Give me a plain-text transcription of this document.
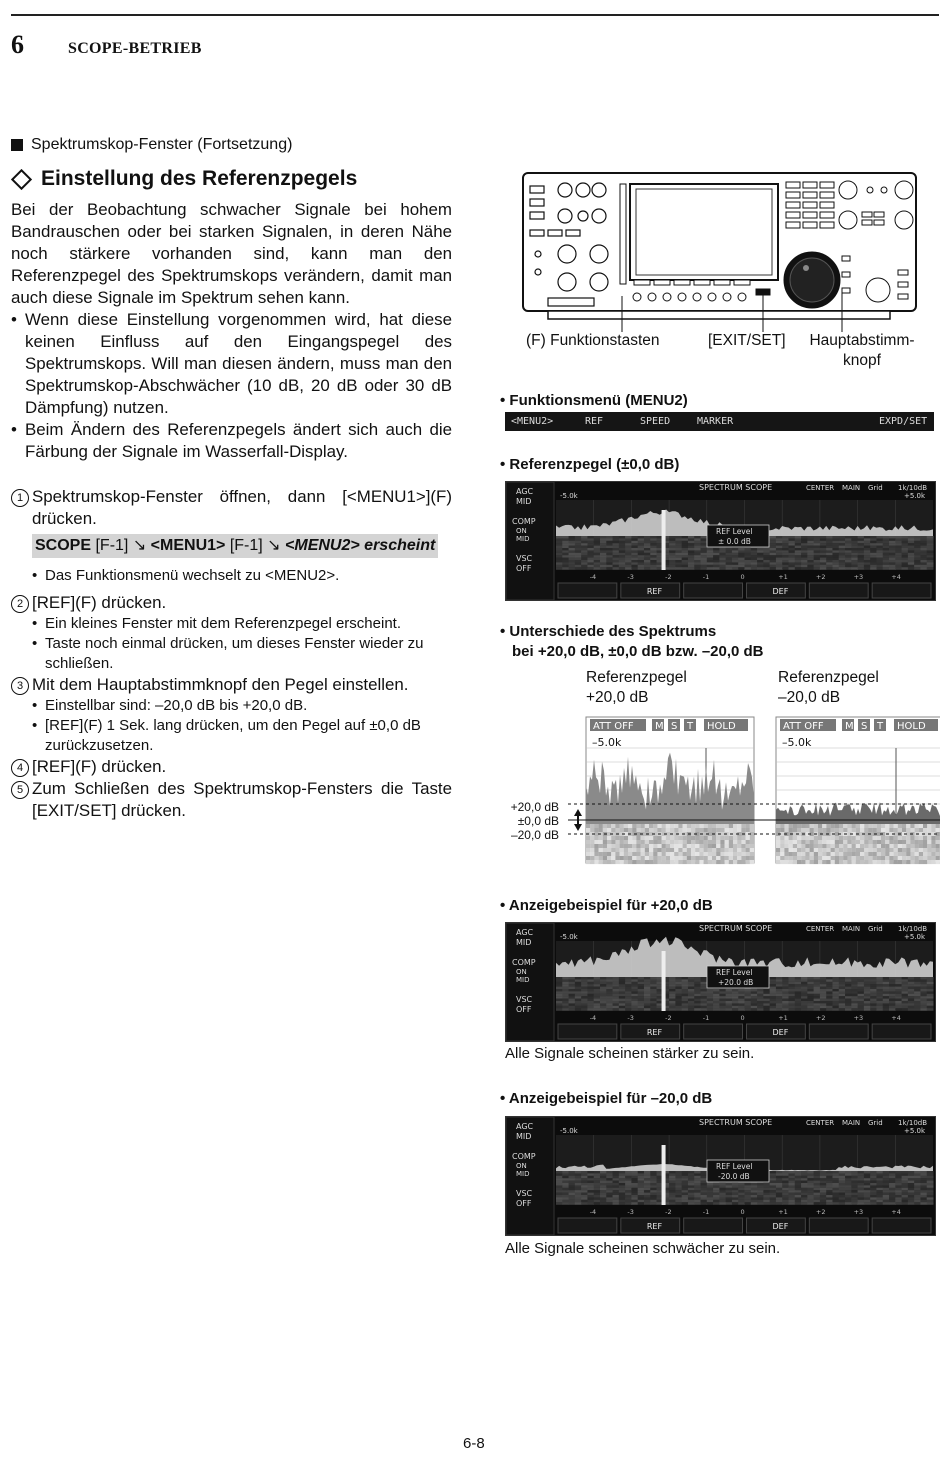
6	SCOPE-BETRIEB
Spektrumskop-Fenster (Fortsetzung)
Einstellung des Referenzpegels
Bei der Beobachtung schwacher Signale bei hohem Bandrauschen oder bei starken Signalen, in deren Nähe noch stärkere vorhanden sind, kann man den Referenzpegel des Spektrumskops verändern, damit man auch diese Signale im Spektrum sehen kann.
• Wenn diese Einstellung vorgenommen wird, hat diese keinen Einfluss auf den Eingangspegel des Spektrumskops. Will man diesen ändern, muss man den Spektrumskop-Abschwächer (10 dB, 20 dB oder 30 dB Dämpfung) nutzen.
• Beim Ändern des Referenzpegels ändert sich auch die Färbung der Signale im Wasserfall-Display.
1 Spektrumskop-Fenster öffnen, dann [<MENU1>](F) drücken.
SCOPE [F-1] ↘ <MENU1> [F-1] ↘ <MENU2> erscheint
• Das Funktionsmenü wechselt zu <MENU2>.
2 [REF](F) drücken.
• Ein kleines Fenster mit dem Referenzpegel erscheint.
• Taste noch einmal drücken, um dieses Fenster wieder zu schließen.
3 Mit dem Hauptabstimmknopf den Pegel einstellen.
• Einstellbar sind: –20,0 dB bis +20,0 dB.
• [REF](F) 1 Sek. lang drücken, um den Pegel auf ±0,0 dB zurückzusetzen.
4 [REF](F) drücken.
5 Zum Schließen des Spektrumskop-Fensters die Taste [EXIT/SET] drücken.
(F) Funktionstasten	[EXIT/SET]	Hauptabstimm-
knopf
• Funktionsmenü (MENU2)
<MENU2>	REF	SPEED	MARKER	EXPD/SET
• Referenzpegel (±0,0 dB)
AGC
MID
COMP
ON
MID
VSC
OFF
SPECTRUM SCOPE	CENTER MAIN Grid 1k/10dB
-5.0k	+5.0k
REF Level
± 0.0 dB
-4	-3	-2	-1	0	+1	+2	+3	+4
REF	DEF
• Unterschiede des Spektrums
bei +20,0 dB, ±0,0 dB bzw. –20,0 dB
Referenzpegel
+20,0 dB
Referenzpegel
–20,0 dB
+20,0 dB
±0,0 dB
–20,0 dB
ATT OFF M S T HOLD
–5.0k
ATT OFF M S T HOLD
–5.0k
• Anzeigebeispiel für +20,0 dB
AGC
MID
COMP
ON
MID
VSC
OFF
SPECTRUM SCOPE	CENTER MAIN Grid 1k/10dB
-5.0k	+5.0k
REF Level
+20.0 dB
-4	-3	-2	-1	0	+1	+2	+3	+4
REF	DEF
Alle Signale scheinen stärker zu sein.
• Anzeigebeispiel für –20,0 dB
AGC
MID
COMP
ON
MID
VSC
OFF
SPECTRUM SCOPE	CENTER MAIN Grid 1k/10dB
-5.0k	+5.0k
REF Level
-20.0 dB
-4	-3	-2	-1	0	+1	+2	+3	+4
REF	DEF
Alle Signale scheinen schwächer zu sein.
6-8
